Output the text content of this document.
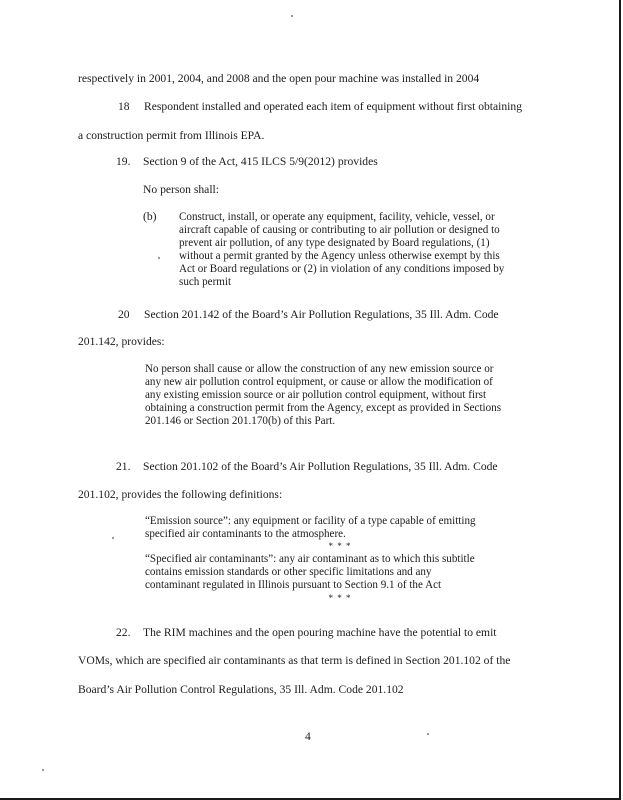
respectively in 2001, 2004, and 2008 and the open pour machine was installed in 2004
18 Respondent installed and operated each item of equipment without first obtaining
a construction permit from Illinois EPA.
19. Section 9 of the Act, 415 ILCS 5/9(2012) provides
No person shall:
(b) Construct, install, or operate any equipment, facility, vehicle, vessel, or
aircraft capable of causing or contributing to air pollution or designed to
prevent air pollution, of any type designated by Board regulations, (1)
without a permit granted by the Agency unless otherwise exempt by this
Act or Board regulations or (2) in violation of any conditions imposed by
such permit
20 Section 201.142 of the Board’s Air Pollution Regulations, 35 Ill. Adm. Code
201.142, provides:
No person shall cause or allow the construction of any new emission source or
any new air pollution control equipment, or cause or allow the modification of
any existing emission source or air pollution control equipment, without first
obtaining a construction permit from the Agency, except as provided in Sections
201.146 or Section 201.170(b) of this Part.
21. Section 201.102 of the Board’s Air Pollution Regulations, 35 Ill. Adm. Code
201.102, provides the following definitions:
“Emission source”: any equipment or facility of a type capable of emitting
specified air contaminants to the atmosphere.
* * *
“Specified air contaminants”: any air contaminant as to which this subtitle
contains emission standards or other specific limitations and any
contaminant regulated in Illinois pursuant to Section 9.1 of the Act
* * *
22. The RIM machines and the open pouring machine have the potential to emit
VOMs, which are specified air contaminants as that term is defined in Section 201.102 of the
Board’s Air Pollution Control Regulations, 35 Ill. Adm. Code 201.102
4
